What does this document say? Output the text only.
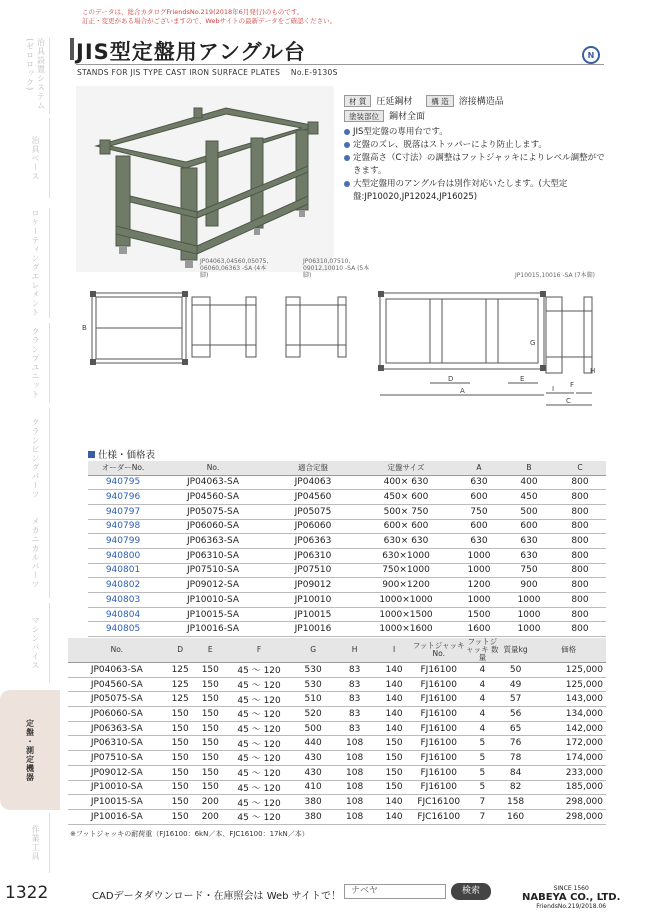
このデータは、総合カタログFriendsNo.219(2018年6月発行)のものです。
訂正・変更がある場合がございますので、Webサイトの最新データをご確認ください。
治具設置システム(ゼロロック)
治具ベース
ロケーティングエレメント
クランプユニット
クランピングパーツ
メカニカルパーツ
マシンバイス
定盤・測定機器
作業工具
JIS型定盤用アングル台	N
STANDS FOR JIS TYPE CAST IRON SURFACE PLATES No.E-9130S
材 質	圧延鋼材	構 造	溶接構造品
塗装部位	鋼材全面
JIS型定盤の専用台です。
定盤のズレ、脱落はストッパーにより防止します。
定盤高さ（C寸法）の調整はフットジャッキによりレベル調整ができます。
大型定盤用のアングル台は別作対応いたします。(大型定盤:JP10020,JP12024,JP16025)
JP04063,04560,05075, 06060,06363 -SA (4本脚)
JP06310,07510, 09012,10010 -SA (5本脚)	JP10015,10016 -SA (7本脚)
B
A
D	E
G
F
H
I
C
仕様・価格表
オーダーNo.	No.	適合定盤	定盤サイズ	A	B	C
940795	JP04063-SA	JP04063	400× 630	630	400	800
940796	JP04560-SA	JP04560	450× 600	600	450	800
940797	JP05075-SA	JP05075	500× 750	750	500	800
940798	JP06060-SA	JP06060	600× 600	600	600	800
940799	JP06363-SA	JP06363	630× 630	630	630	800
940800	JP06310-SA	JP06310	630×1000	1000	630	800
940801	JP07510-SA	JP07510	750×1000	1000	750	800
940802	JP09012-SA	JP09012	900×1200	1200	900	800
940803	JP10010-SA	JP10010	1000×1000	1000	1000	800
940804	JP10015-SA	JP10015	1000×1500	1500	1000	800
940805	JP10016-SA	JP10016	1000×1600	1600	1000	800
No.	D	E	F	G	H	I	フットジャッキ No.	フットジャッキ 数量	質量kg	価格
JP04063-SA	125	150	45 ～ 120	530	83	140	FJ16100	4	50	125,000
JP04560-SA	125	150	45 ～ 120	530	83	140	FJ16100	4	49	125,000
JP05075-SA	125	150	45 ～ 120	510	83	140	FJ16100	4	57	143,000
JP06060-SA	150	150	45 ～ 120	520	83	140	FJ16100	4	56	134,000
JP06363-SA	150	150	45 ～ 120	500	83	140	FJ16100	4	65	142,000
JP06310-SA	150	150	45 ～ 120	440	108	150	FJ16100	5	76	172,000
JP07510-SA	150	150	45 ～ 120	430	108	150	FJ16100	5	78	174,000
JP09012-SA	150	150	45 ～ 120	430	108	150	FJ16100	5	84	233,000
JP10010-SA	150	150	45 ～ 120	410	108	150	FJ16100	5	82	185,000
JP10015-SA	150	200	45 ～ 120	380	108	140	FJC16100	7	158	298,000
JP10016-SA	150	200	45 ～ 120	380	108	140	FJC16100	7	160	298,000
※フットジャッキの耐荷重（FJ16100：6kN／本、FJC16100：17kN／本）
1322	CADデータダウンロード・在庫照会は Web サイトで！	ナベヤ	検索	SINCE 1560
NABEYA CO., LTD.
FriendsNo.219/2018.06
